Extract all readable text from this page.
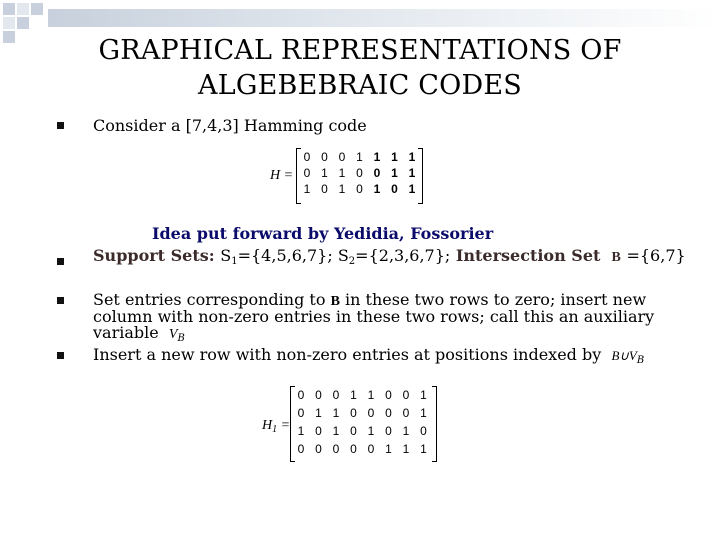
GRAPHICAL REPRESENTATIONS OF
ALGEBEBRAIC CODES
Consider a [7,4,3] Hamming code
H =
0 0 0 1 1 1 1
0 1 1 0 0 1 1
1 0 1 0 1 0 1
Idea put forward by Yedidia, Fossorier
Support Sets: $S_1=\{4,5,6,7\}$; $S_2=\{2,3,6,7\}$; Intersection Set B ={6,7}
Set entries corresponding to B in these two rows to zero; insert new
column with non-zero entries in these two rows; call this an auxiliary
variable $V_B$
Insert a new row with non-zero entries at positions indexed by $B\cup V_B$
$H_1$ =
0 0 0 1 1 0 0 1
0 1 1 0 0 0 0 1
1 0 1 0 1 0 1 0
0 0 0 0 0 1 1 1
